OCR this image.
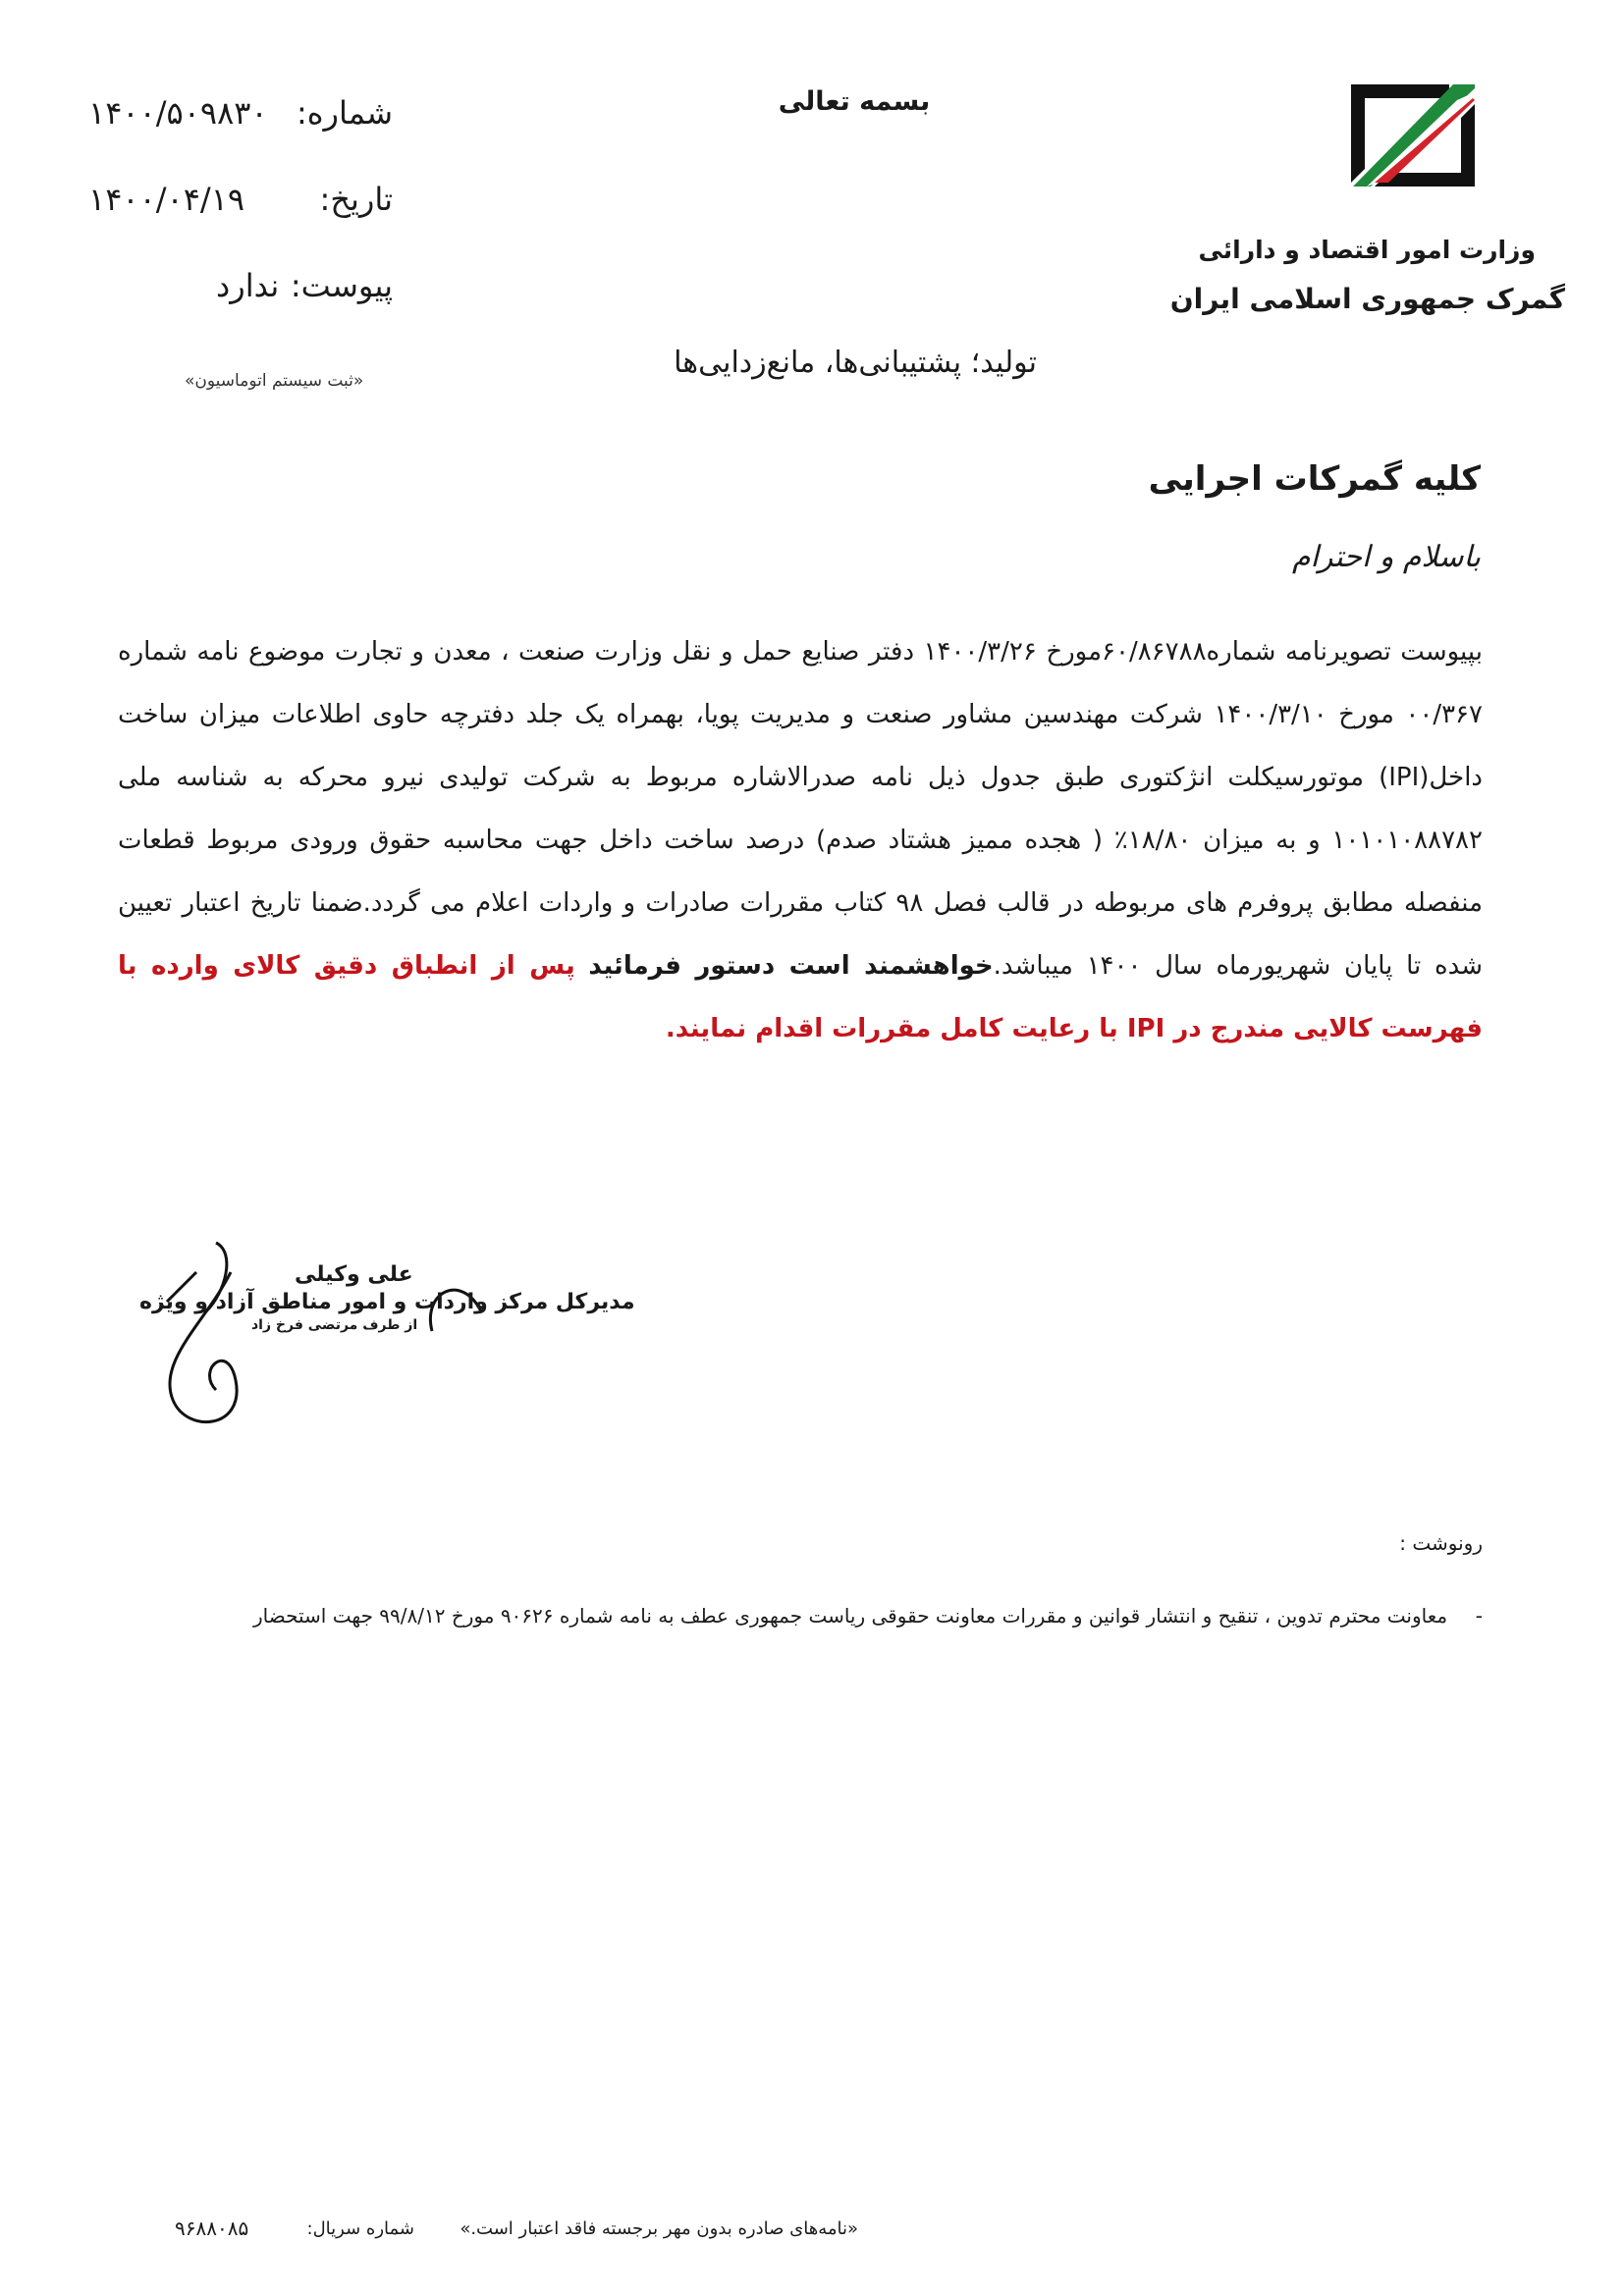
بسمه تعالی
وزارت امور اقتصاد و دارائی
گمرک جمهوری اسلامی ایران
شماره:
۱۴۰۰/۵۰۹۸۳۰
تاریخ:
۱۴۰۰/۰۴/۱۹
پیوست:
ندارد
«ثبت سیستم اتوماسیون»
تولید؛ پشتیبانی‌ها، مانع‌زدایی‌ها
کلیه گمرکات اجرایی
باسلام و احترام
بپیوست تصویرنامه شماره۶۰/۸۶۷۸۸مورخ ۱۴۰۰/۳/۲۶ دفتر صنایع حمل و نقل وزارت صنعت ، معدن و تجارت موضوع نامه شماره ۰۰/۳۶۷ مورخ ۱۴۰۰/۳/۱۰ شرکت مهندسین مشاور صنعت و مدیریت پویا، بهمراه یک جلد دفترچه حاوی اطلاعات میزان ساخت داخل(IPI) موتورسیکلت انژکتوری طبق جدول ذیل نامه صدرالاشاره مربوط به شرکت تولیدی نیرو محرکه به شناسه ملی ۱۰۱۰۱۰۸۸۷۸۲ و به میزان ۱۸/۸۰٪ ( هجده ممیز هشتاد صدم) درصد ساخت داخل جهت محاسبه حقوق ورودی مربوط قطعات منفصله مطابق پروفرم های مربوطه در قالب فصل ۹۸ کتاب مقررات صادرات و واردات اعلام می گردد.ضمنا تاریخ اعتبار تعیین شده تا پایان شهریورماه سال ۱۴۰۰ میباشد.خواهشمند است دستور فرمائید پس از انطباق دقیق کالای وارده با فهرست کالایی مندرج در IPI با رعایت کامل مقررات اقدام نمایند.
علی وکیلی
مدیرکل مرکز واردات و امور مناطق آزاد و ویژه
از طرف مرتضی فرخ زاد
رونوشت :
-
معاونت محترم تدوین ، تنقیح و انتشار قوانین و مقررات معاونت حقوقی ریاست جمهوری عطف به نامه شماره ۹۰۶۲۶ مورخ ۹۹/۸/۱۲ جهت استحضار
«نامه‌های صادره بدون مهر برجسته فاقد اعتبار است.»
شماره سریال:
۹۶۸۸۰۸۵
